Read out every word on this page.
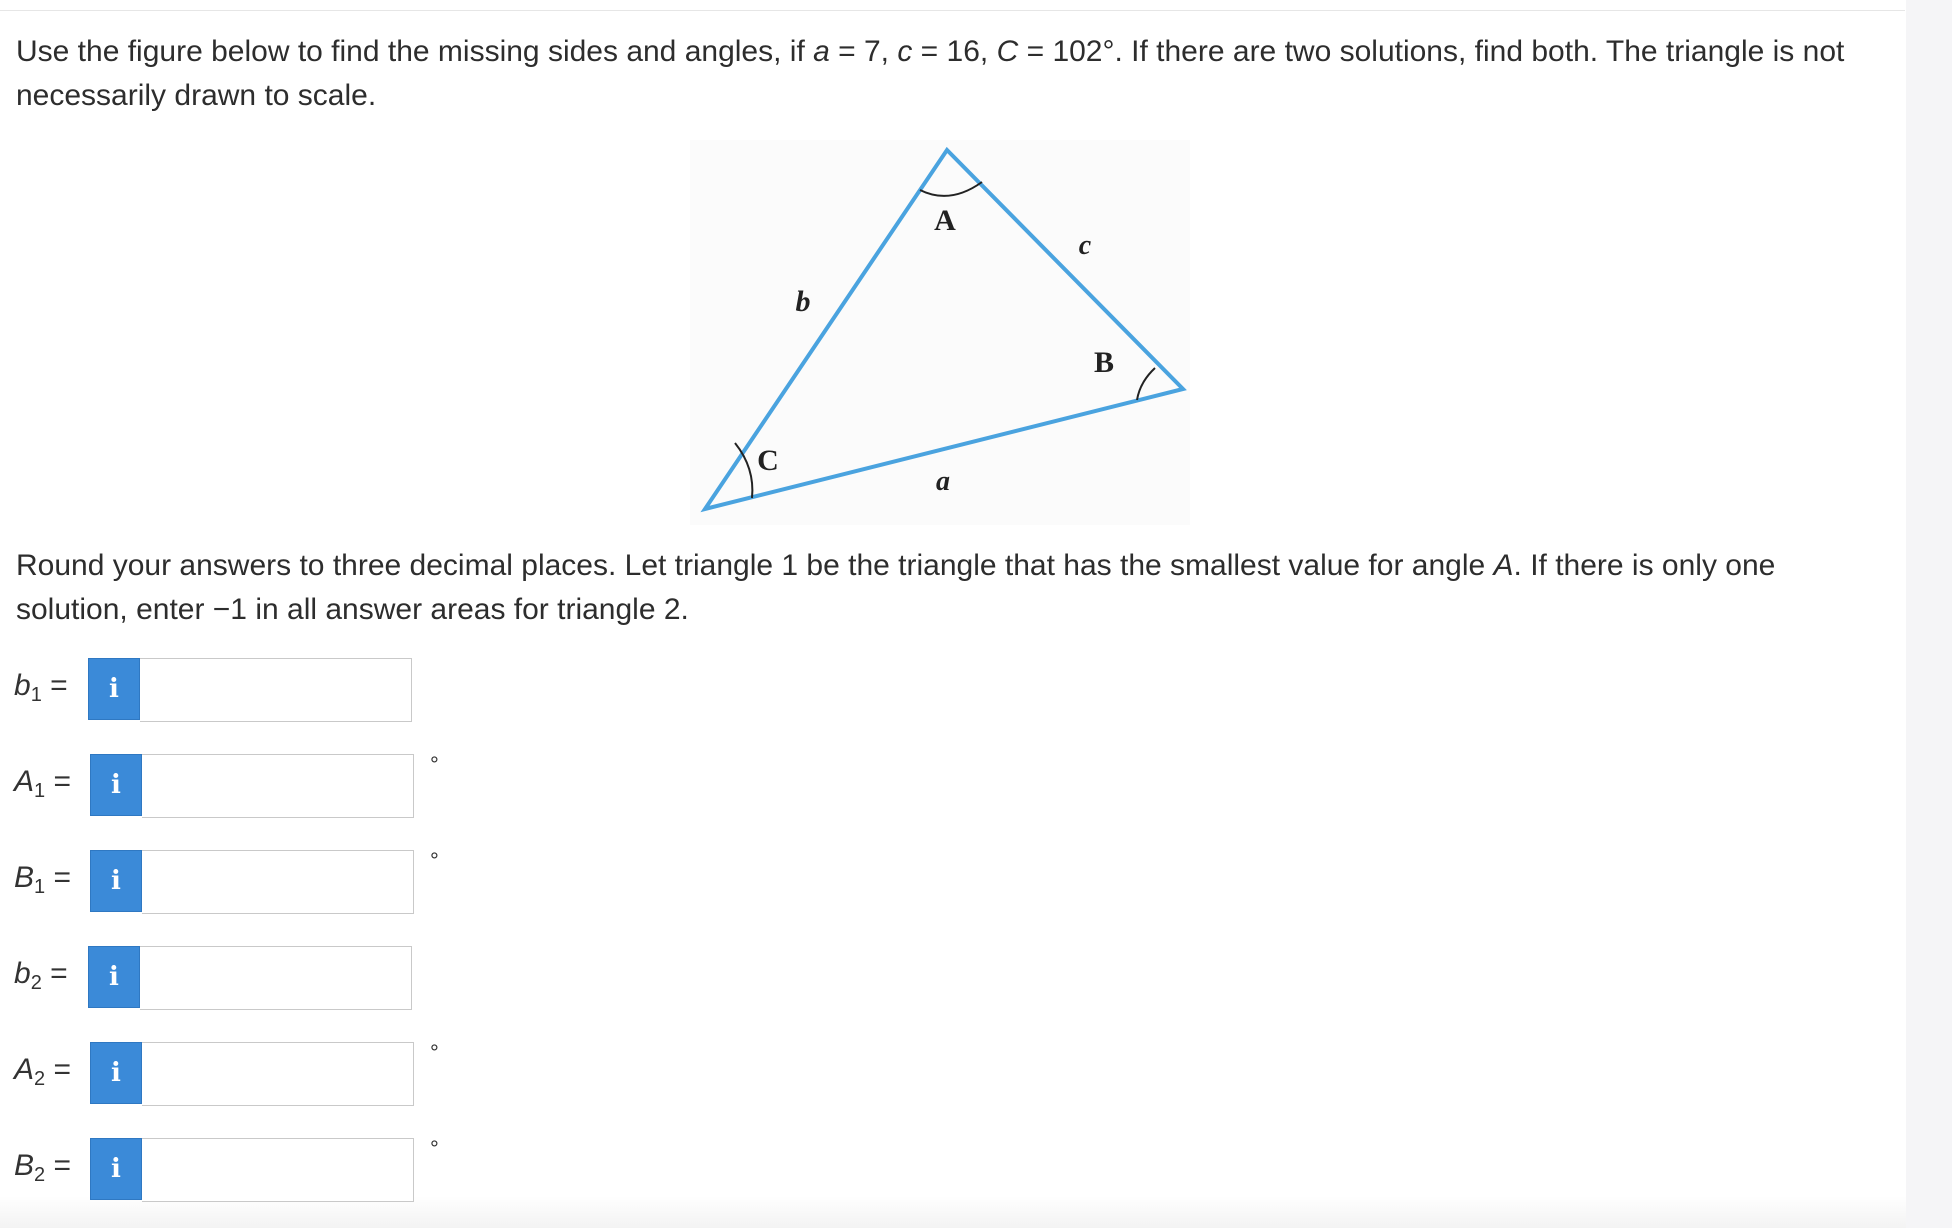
Use the figure below to find the missing sides and angles, if a = 7, c = 16, C = 102°. If there are two solutions, find both. The triangle is not necessarily drawn to scale.

A
B
C
b
c
a

Round your answers to three decimal places. Let triangle 1 be the triangle that has the smallest value for angle A. If there is only one solution, enter −1 in all answer areas for triangle 2.

$b_1$ =	i
$A_1$ =	i
°
$B_1$ =	i
°
$b_2$ =	i
$A_2$ =	i
°
$B_2$ =	i
°
